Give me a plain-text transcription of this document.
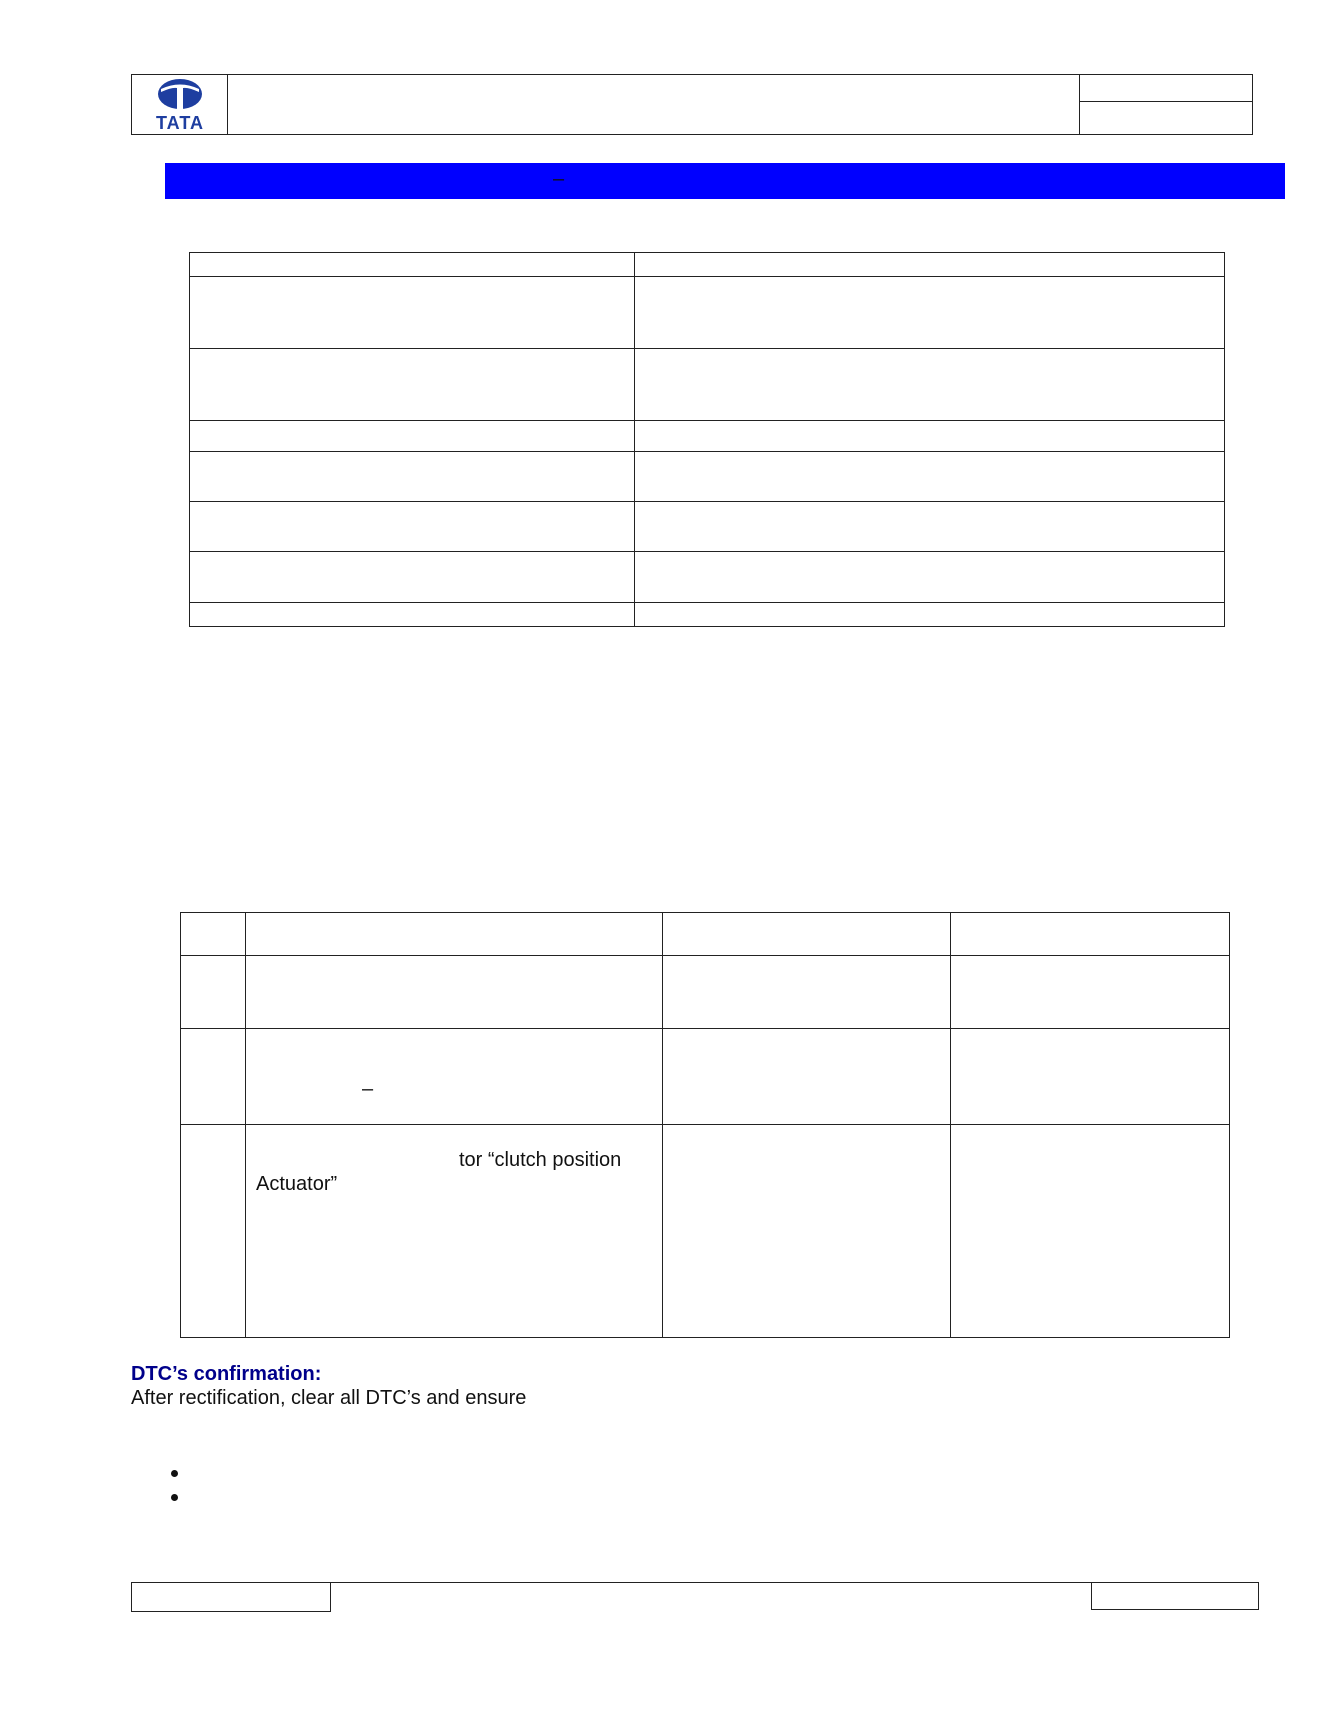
TATA
–
–
tor “clutch position
Actuator”
DTC’s confirmation:
After rectification, clear all DTC’s and ensure
